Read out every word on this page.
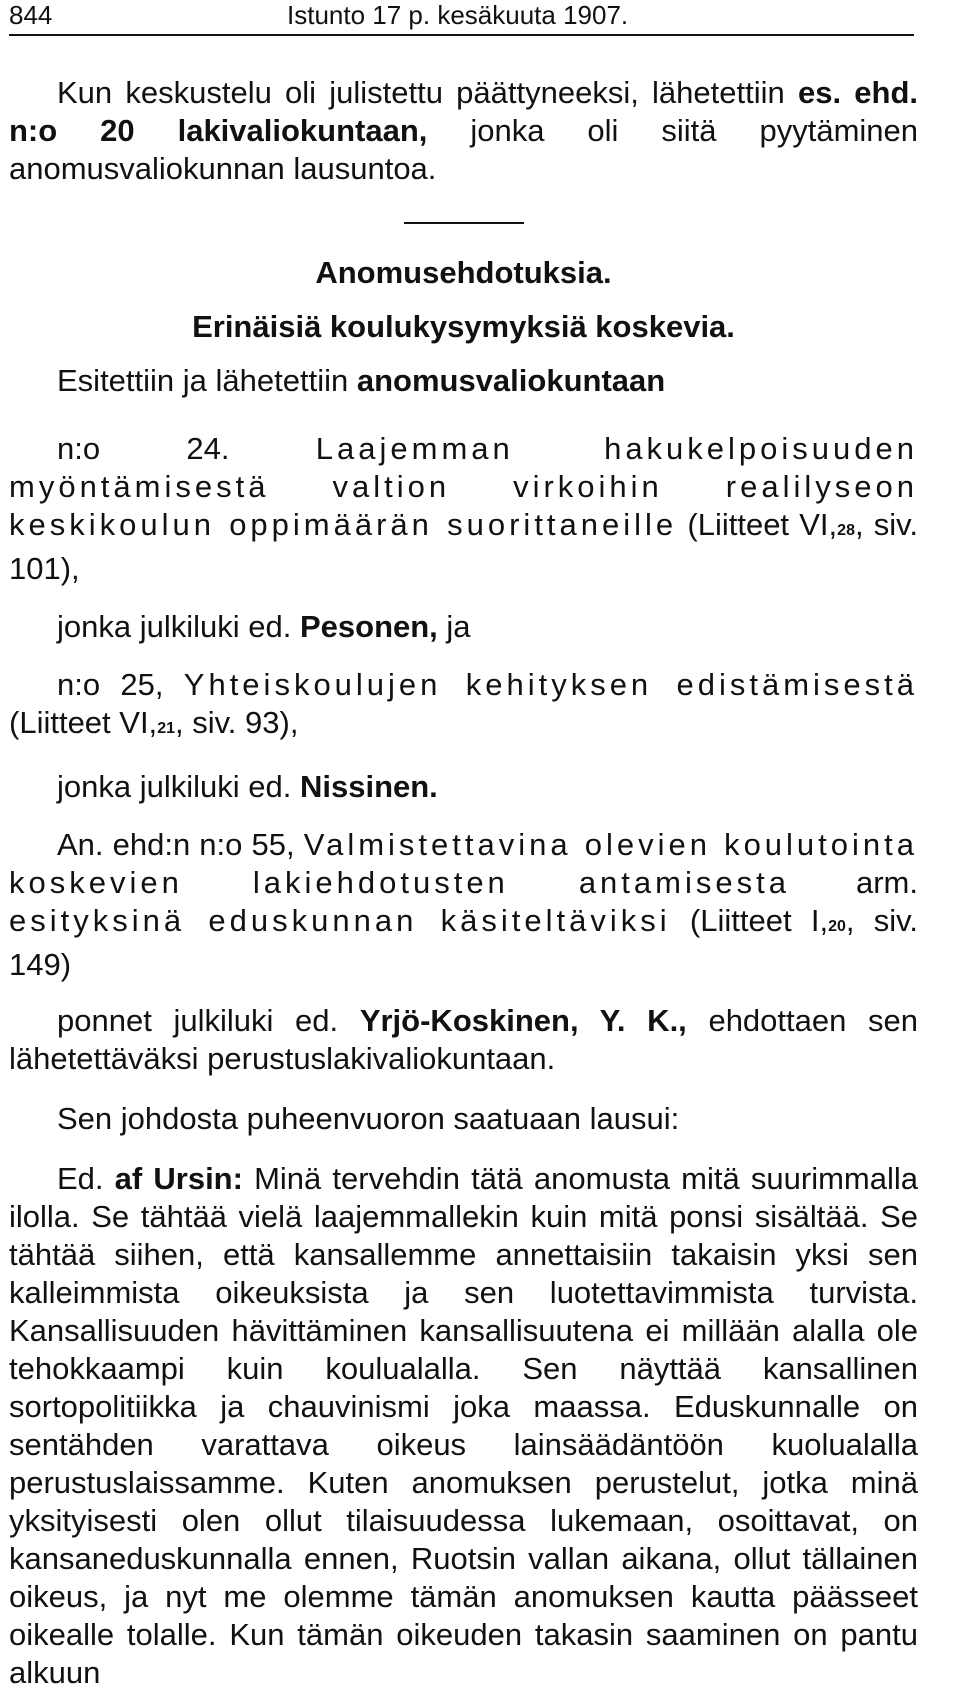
844	Istunto 17 p. kesäkuuta 1907.

Kun keskustelu oli julistettu päättyneeksi, lähetettiin es. ehd. n:o 20 lakivaliokuntaan, jonka oli siitä pyytäminen anomusvaliokunnan lausuntoa.

Anomusehdotuksia.

Erinäisiä koulukysymyksiä koskevia.

Esitettiin ja lähetettiin anomusvaliokuntaan

n:o 24. Laajemman hakukelpoisuuden myöntämisestä valtion virkoihin realilyseon keskikoulun oppimäärän suorittaneille (Liitteet VI,28, siv. 101),

jonka julkiluki ed. Pesonen, ja

n:o 25, Yhteiskoulujen kehityksen edistämisestä (Liitteet VI,21, siv. 93),

jonka julkiluki ed. Nissinen.

An. ehd:n n:o 55, Valmistettavina olevien koulutointa koskevien lakiehdotusten antamisesta arm. esityksinä eduskunnan käsiteltäviksi (Liitteet I,20, siv. 149)

ponnet julkiluki ed. Yrjö-Koskinen, Y. K., ehdottaen sen lähetettäväksi perustuslakivaliokuntaan.

Sen johdosta puheenvuoron saatuaan lausui:

Ed. af Ursin: Minä tervehdin tätä anomusta mitä suurimmalla ilolla. Se tähtää vielä laajemmallekin kuin mitä ponsi sisältää. Se tähtää siihen, että kansallemme annettaisiin takaisin yksi sen kalleimmista oikeuksista ja sen luotettavimmista turvista. Kansallisuuden hävittäminen kansallisuutena ei millään alalla ole tehokkaampi kuin koulualalla. Sen näyttää kansallinen sortopolitiikka ja chauvinismi joka maassa. Eduskunnalle on sentähden varattava oikeus lainsäädäntöön kuolualalla perustuslaissamme. Kuten anomuksen perustelut, jotka minä yksityisesti olen ollut tilaisuudessa lukemaan, osoittavat, on kansaneduskunnalla ennen, Ruotsin vallan aikana, ollut tällainen oikeus, ja nyt me olemme tämän anomuksen kautta päässeet oikealle tolalle. Kun tämän oikeuden takasin saaminen on pantu alkuun
